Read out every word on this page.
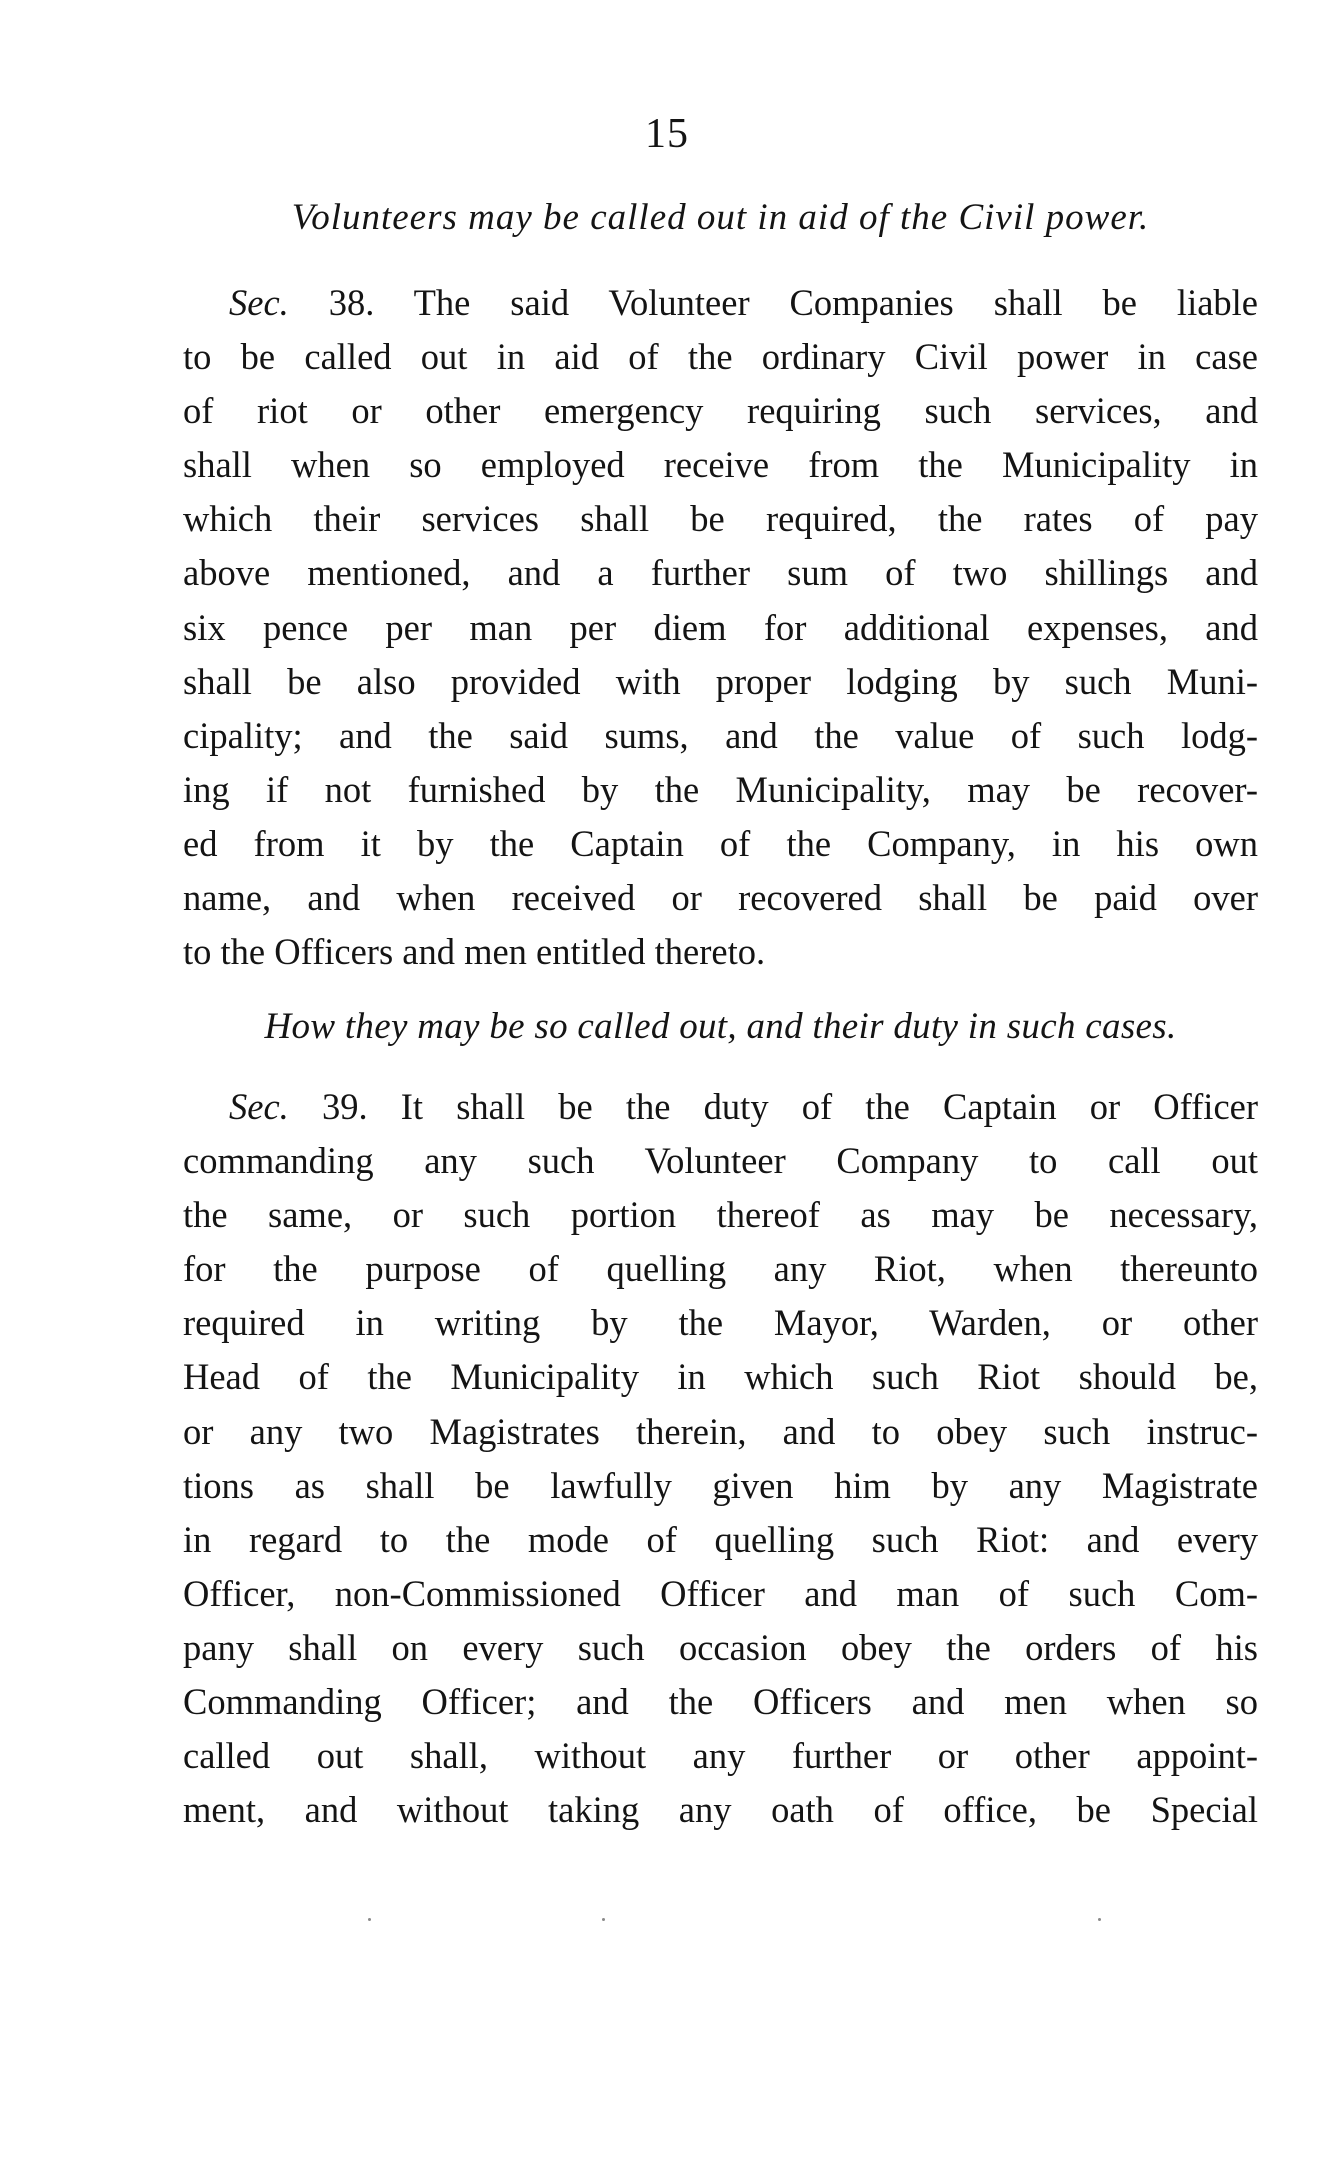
15
Volunteers may be called out in aid of the Civil power.
Sec. 38. The said Volunteer Companies shall be liable
to be called out in aid of the ordinary Civil power in case
of riot or other emergency requiring such services, and
shall when so employed receive from the Municipality in
which their services shall be required, the rates of pay
above mentioned, and a further sum of two shillings and
six pence per man per diem for additional expenses, and
shall be also provided with proper lodging by such Muni-
cipality; and the said sums, and the value of such lodg-
ing if not furnished by the Municipality, may be recover-
ed from it by the Captain of the Company, in his own
name, and when received or recovered shall be paid over
to the Officers and men entitled thereto.
How they may be so called out, and their duty in such cases.
Sec. 39. It shall be the duty of the Captain or Officer
commanding any such Volunteer Company to call out
the same, or such portion thereof as may be necessary,
for the purpose of quelling any Riot, when thereunto
required in writing by the Mayor, Warden, or other
Head of the Municipality in which such Riot should be,
or any two Magistrates therein, and to obey such instruc-
tions as shall be lawfully given him by any Magistrate
in regard to the mode of quelling such Riot: and every
Officer, non-Commissioned Officer and man of such Com-
pany shall on every such occasion obey the orders of his
Commanding Officer; and the Officers and men when so
called out shall, without any further or other appoint-
ment, and without taking any oath of office, be Special
